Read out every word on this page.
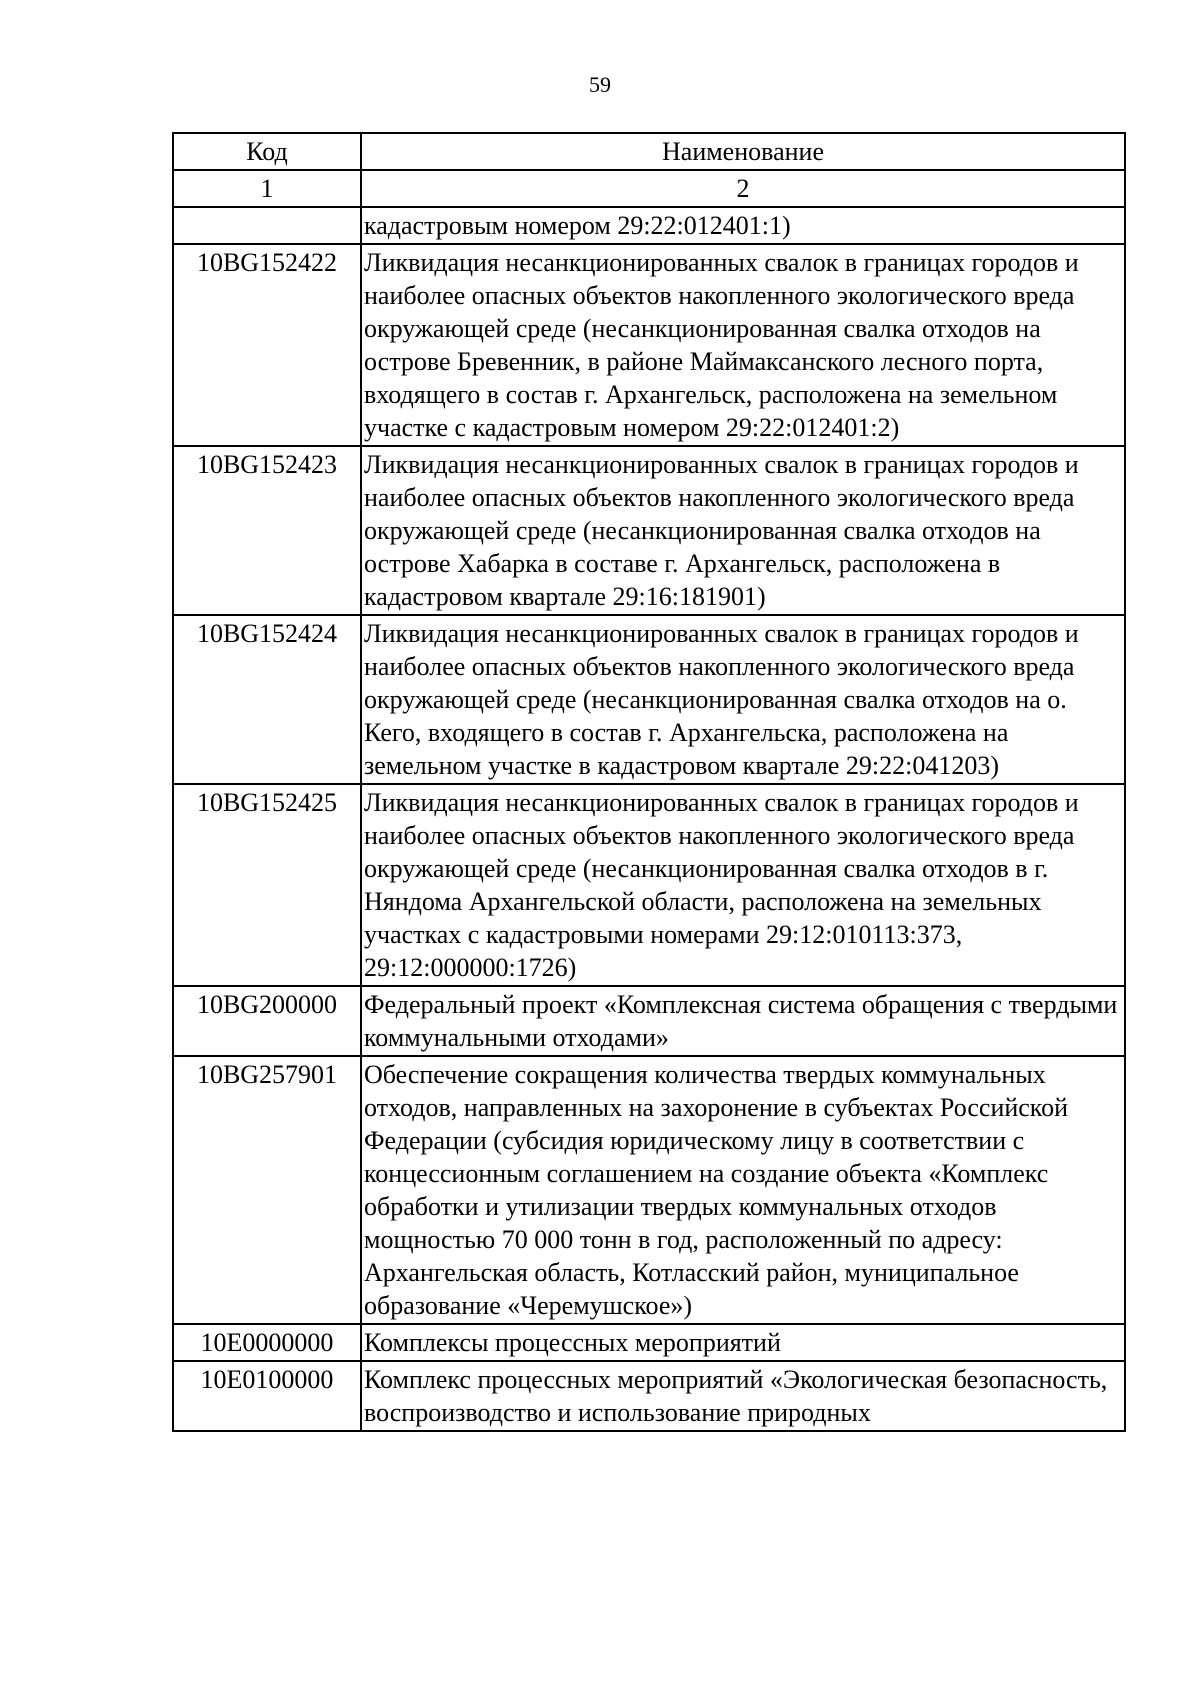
59
Код	Наименование
1	2
	кадастровым номером 29:22:012401:1)
10BG152422	Ликвидация несанкционированных свалок в границах городов и наиболее опасных объектов накопленного экологического вреда окружающей среде (несанкционированная свалка отходов на острове Бревенник, в районе Маймаксанского лесного порта, входящего в состав г. Архангельск, расположена на земельном участке с кадастровым номером 29:22:012401:2)
10BG152423	Ликвидация несанкционированных свалок в границах городов и наиболее опасных объектов накопленного экологического вреда окружающей среде (несанкционированная свалка отходов на острове Хабарка в составе г. Архангельск, расположена в кадастровом квартале 29:16:181901)
10BG152424	Ликвидация несанкционированных свалок в границах городов и наиболее опасных объектов накопленного экологического вреда окружающей среде (несанкционированная свалка отходов на о. Кего, входящего в состав г. Архангельска, расположена на земельном участке в кадастровом квартале 29:22:041203)
10BG152425	Ликвидация несанкционированных свалок в границах городов и наиболее опасных объектов накопленного экологического вреда окружающей среде (несанкционированная свалка отходов в г. Няндома Архангельской области, расположена на земельных участках с кадастровыми номерами 29:12:010113:373, 29:12:000000:1726)
10BG200000	Федеральный проект «Комплексная система обращения с твердыми коммунальными отходами»
10BG257901	Обеспечение сокращения количества твердых коммунальных отходов, направленных на захоронение в субъектах Российской Федерации (субсидия юридическому лицу в соответствии с концессионным соглашением на создание объекта «Комплекс обработки и утилизации твердых коммунальных отходов мощностью 70 000 тонн в год, расположенный по адресу: Архангельская область, Котласский район, муниципальное образование «Черемушское»)
10E0000000	Комплексы процессных мероприятий
10E0100000	Комплекс процессных мероприятий «Экологическая безопасность, воспроизводство и использование природных
